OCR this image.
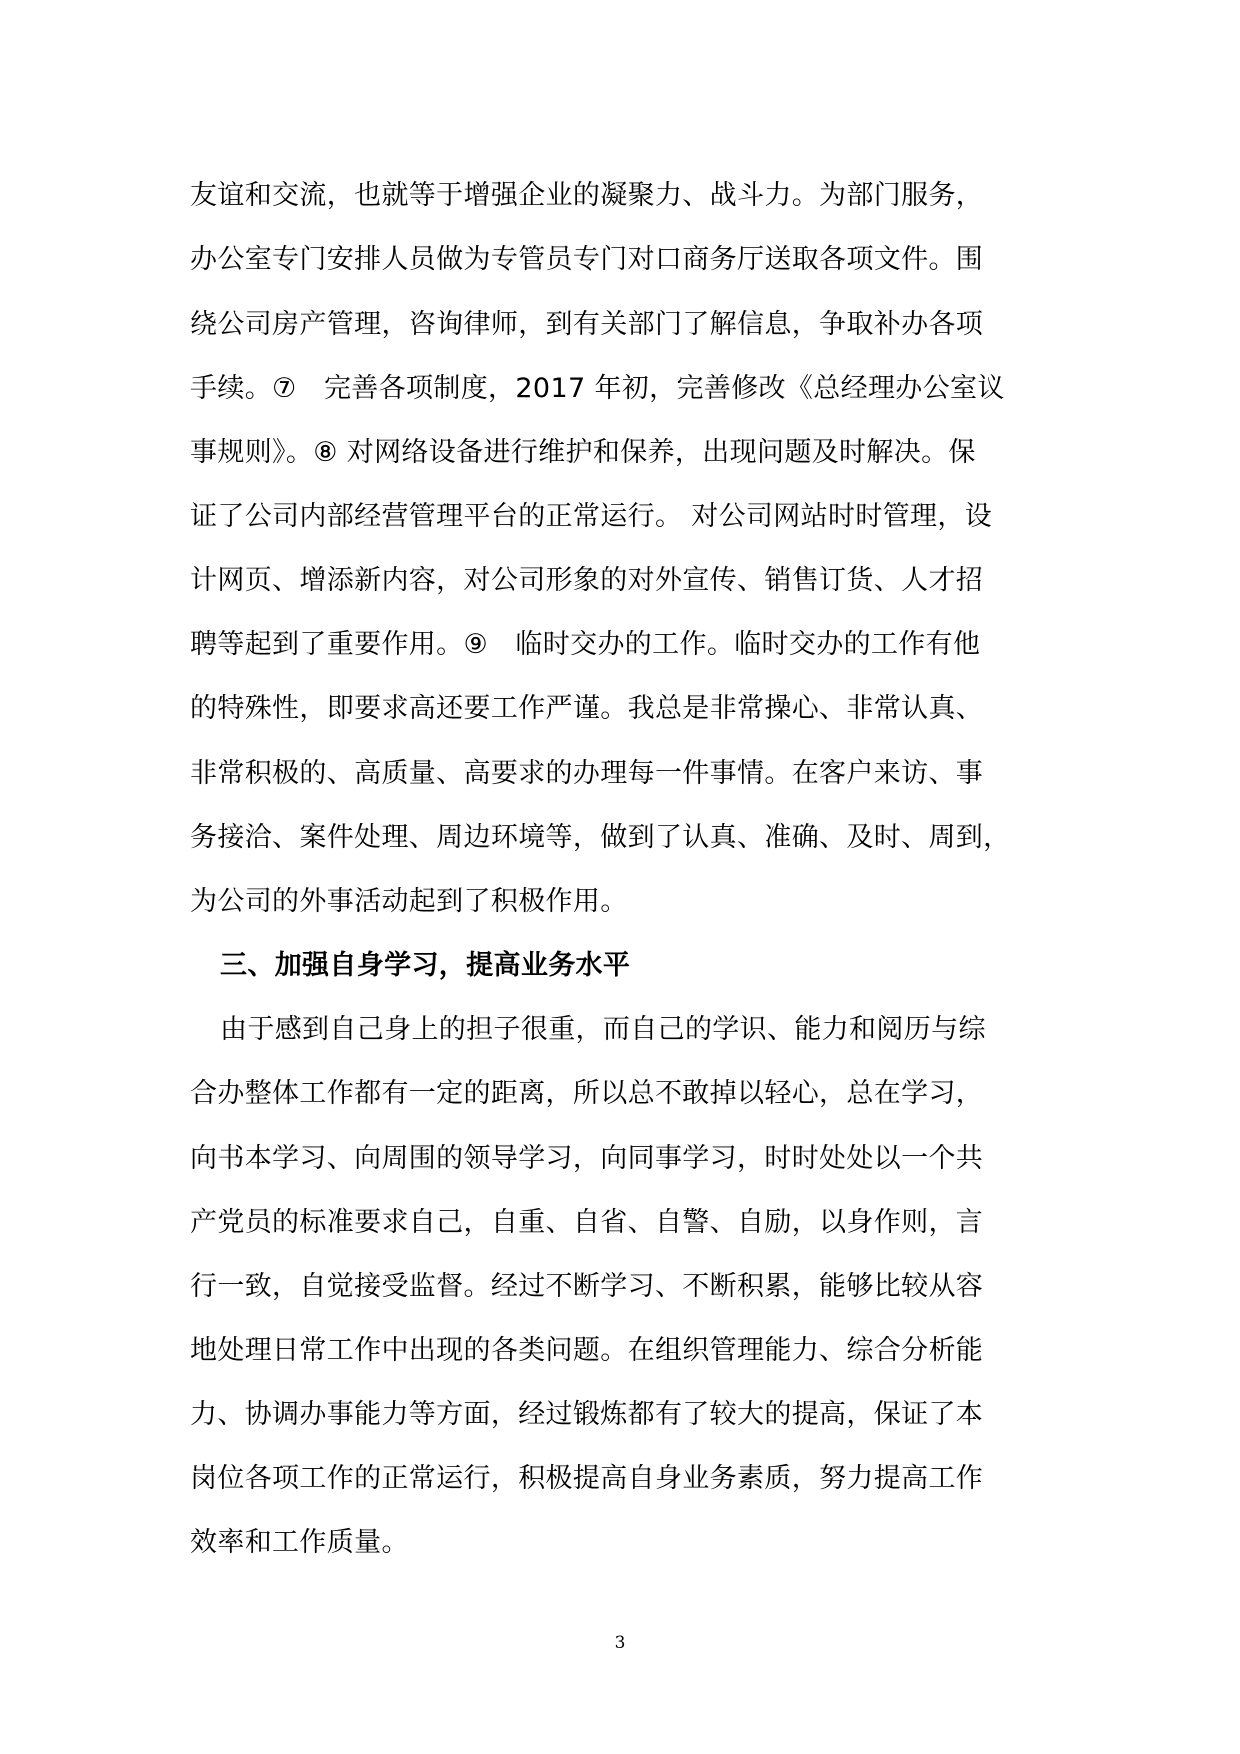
友谊和交流，也就等于增强企业的凝聚力、战斗力。为部门服务，
办公室专门安排人员做为专管员专门对口商务厅送取各项文件。围
绕公司房产管理，咨询律师，到有关部门了解信息，争取补办各项
手续。⑦　完善各项制度，2017 年初，完善修改《总经理办公室议
事规则》。⑧ 对网络设备进行维护和保养，出现问题及时解决。保
证了公司内部经营管理平台的正常运行。 对公司网站时时管理，设
计网页、增添新内容，对公司形象的对外宣传、销售订货、人才招
聘等起到了重要作用。⑨　临时交办的工作。临时交办的工作有他
的特殊性，即要求高还要工作严谨。我总是非常操心、非常认真、
非常积极的、高质量、高要求的办理每一件事情。在客户来访、事
务接洽、案件处理、周边环境等，做到了认真、准确、及时、周到，
为公司的外事活动起到了积极作用。
三、加强自身学习，提高业务水平
由于感到自己身上的担子很重，而自己的学识、能力和阅历与综
合办整体工作都有一定的距离，所以总不敢掉以轻心，总在学习，
向书本学习、向周围的领导学习，向同事学习，时时处处以一个共
产党员的标准要求自己，自重、自省、自警、自励，以身作则，言
行一致，自觉接受监督。经过不断学习、不断积累，能够比较从容
地处理日常工作中出现的各类问题。在组织管理能力、综合分析能
力、协调办事能力等方面，经过锻炼都有了较大的提高，保证了本
岗位各项工作的正常运行，积极提高自身业务素质，努力提高工作
效率和工作质量。
3
